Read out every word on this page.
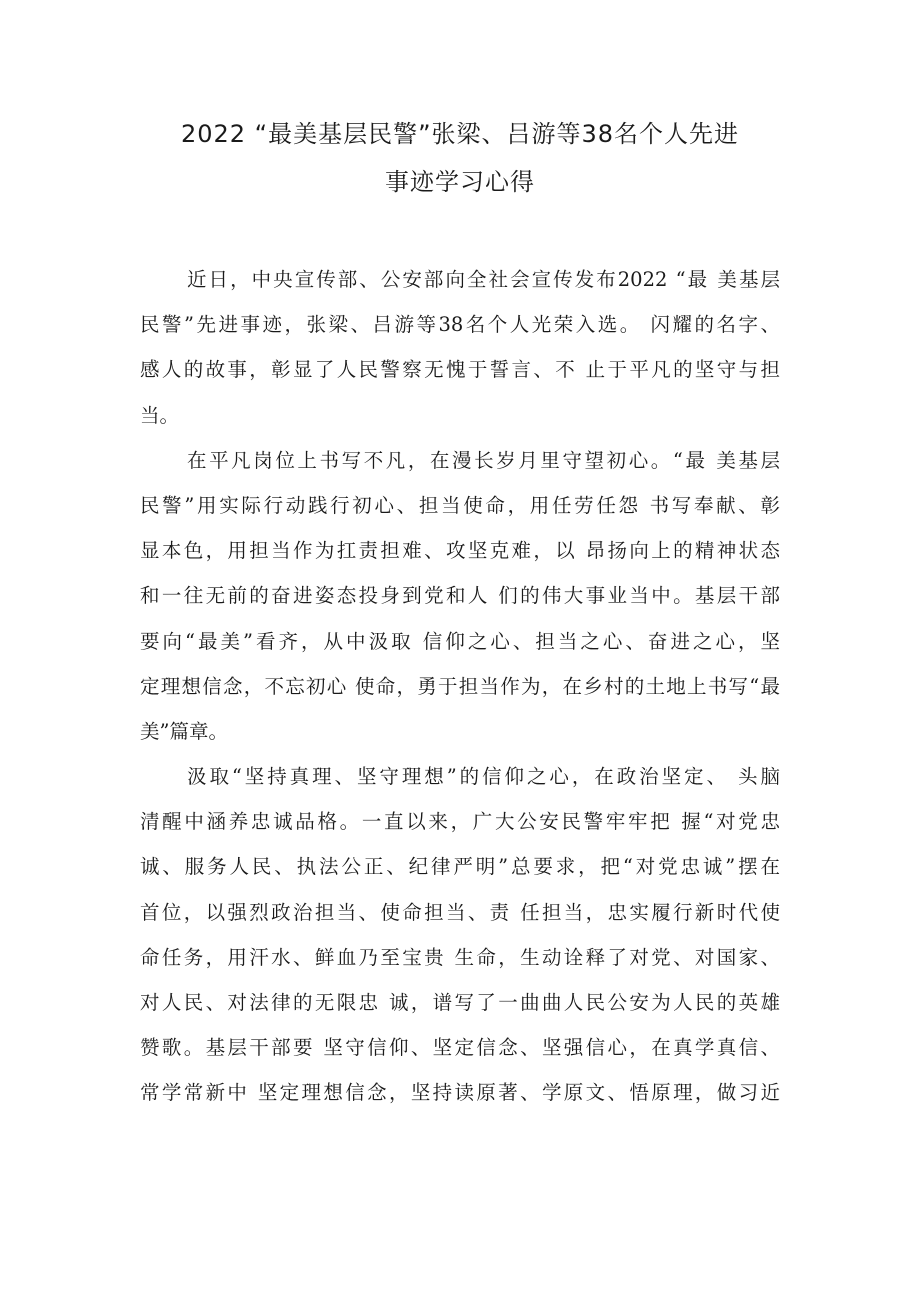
2022 “最美基层民警”张梁、吕游等38名个人先进
事迹学习心得
近日，中央宣传部、公安部向全社会宣传发布2022 “最 美基层
民警”先进事迹，张梁、吕游等38名个人光荣入选。 闪耀的名字、
感人的故事，彰显了人民警察无愧于誓言、不 止于平凡的坚守与担
当。
在平凡岗位上书写不凡，在漫长岁月里守望初心。“最 美基层
民警”用实际行动践行初心、担当使命，用任劳任怨 书写奉献、彰
显本色，用担当作为扛责担难、攻坚克难，以 昂扬向上的精神状态
和一往无前的奋进姿态投身到党和人 们的伟大事业当中。基层干部
要向“最美”看齐，从中汲取 信仰之心、担当之心、奋进之心，坚
定理想信念，不忘初心 使命，勇于担当作为，在乡村的土地上书写“最
美”篇章。
汲取“坚持真理、坚守理想”的信仰之心，在政治坚定、 头脑
清醒中涵养忠诚品格。一直以来，广大公安民警牢牢把 握“对党忠
诚、服务人民、执法公正、纪律严明”总要求，把“对党忠诚”摆在
首位，以强烈政治担当、使命担当、责 任担当，忠实履行新时代使
命任务，用汗水、鲜血乃至宝贵 生命，生动诠释了对党、对国家、
对人民、对法律的无限忠 诚，谱写了一曲曲人民公安为人民的英雄
赞歌。基层干部要 坚守信仰、坚定信念、坚强信心，在真学真信、
常学常新中 坚定理想信念，坚持读原著、学原文、悟原理，做习近
